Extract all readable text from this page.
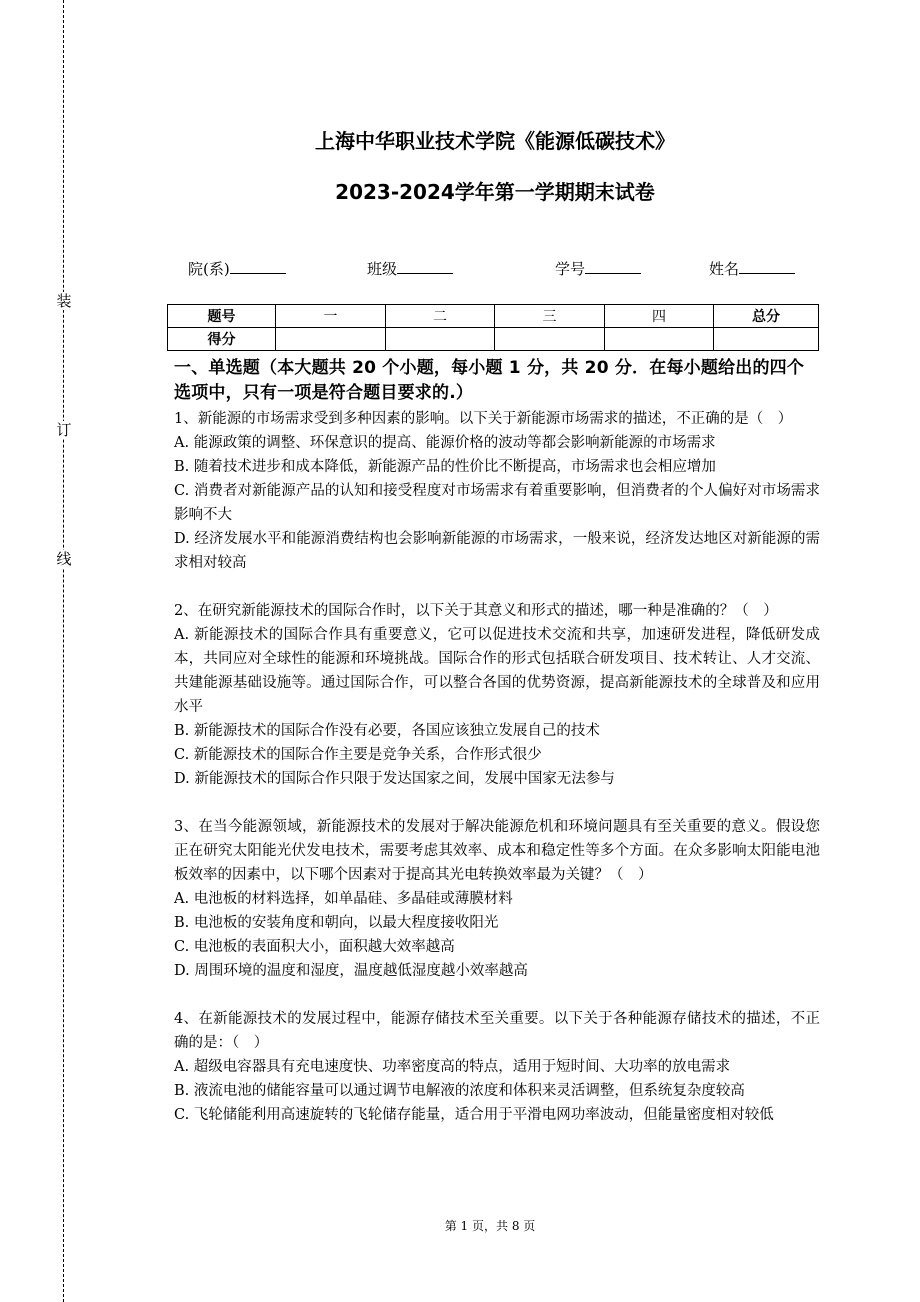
装
订
线
上海中华职业技术学院《能源低碳技术》
2023-2024学年第一学期期末试卷
院(系)	班级	学号	姓名
题号	一	二	三	四	总分
得分					

一、单选题（本大题共 20 个小题，每小题 1 分，共 20 分．在每小题给出的四个选项中，只有一项是符合题目要求的.）

1、新能源的市场需求受到多种因素的影响。以下关于新能源市场需求的描述，不正确的是（　）

A. 能源政策的调整、环保意识的提高、能源价格的波动等都会影响新能源的市场需求

B. 随着技术进步和成本降低，新能源产品的性价比不断提高，市场需求也会相应增加

C. 消费者对新能源产品的认知和接受程度对市场需求有着重要影响，但消费者的个人偏好对市场需求影响不大

D. 经济发展水平和能源消费结构也会影响新能源的市场需求，一般来说，经济发达地区对新能源的需求相对较高

2、在研究新能源技术的国际合作时，以下关于其意义和形式的描述，哪一种是准确的？（　）

A. 新能源技术的国际合作具有重要意义，它可以促进技术交流和共享，加速研发进程，降低研发成本，共同应对全球性的能源和环境挑战。国际合作的形式包括联合研发项目、技术转让、人才交流、共建能源基础设施等。通过国际合作，可以整合各国的优势资源，提高新能源技术的全球普及和应用水平

B. 新能源技术的国际合作没有必要，各国应该独立发展自己的技术

C. 新能源技术的国际合作主要是竞争关系，合作形式很少

D. 新能源技术的国际合作只限于发达国家之间，发展中国家无法参与

3、在当今能源领域，新能源技术的发展对于解决能源危机和环境问题具有至关重要的意义。假设您正在研究太阳能光伏发电技术，需要考虑其效率、成本和稳定性等多个方面。在众多影响太阳能电池板效率的因素中，以下哪个因素对于提高其光电转换效率最为关键？（　）

A. 电池板的材料选择，如单晶硅、多晶硅或薄膜材料

B. 电池板的安装角度和朝向，以最大程度接收阳光

C. 电池板的表面积大小，面积越大效率越高

D. 周围环境的温度和湿度，温度越低湿度越小效率越高

4、在新能源技术的发展过程中，能源存储技术至关重要。以下关于各种能源存储技术的描述，不正确的是：（　）

A. 超级电容器具有充电速度快、功率密度高的特点，适用于短时间、大功率的放电需求

B. 液流电池的储能容量可以通过调节电解液的浓度和体积来灵活调整，但系统复杂度较高

C. 飞轮储能利用高速旋转的飞轮储存能量，适合用于平滑电网功率波动，但能量密度相对较低

第 1 页，共 8 页
